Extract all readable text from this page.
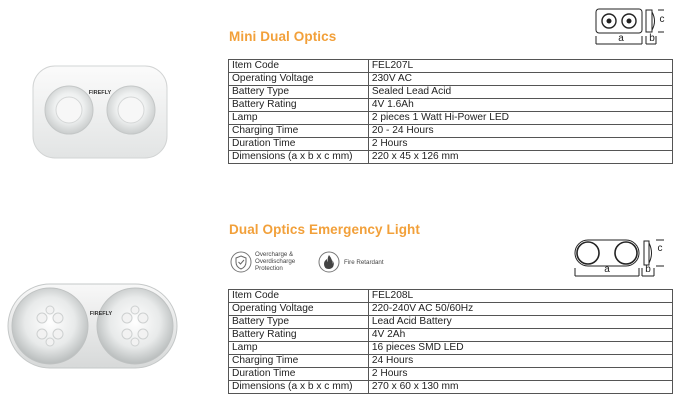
Mini Dual Optics
FIREFLY
Item Code	FEL207L
Operating Voltage	230V AC
Battery Type	Sealed Lead Acid
Battery Rating	4V 1.6Ah
Lamp	2 pieces 1 Watt Hi-Power LED
Charging Time	20 - 24 Hours
Duration Time	2 Hours
Dimensions (a x b x c mm)	220 x 45 x 126 mm
a	b
c
Dual Optics Emergency Light
Overcharge & Overdischarge Protection
Fire Retardant
FIREFLY
Item Code	FEL208L
Operating Voltage	220-240V AC 50/60Hz
Battery Type	Lead Acid Battery
Battery Rating	4V 2Ah
Lamp	16 pieces SMD LED
Charging Time	24 Hours
Duration Time	2 Hours
Dimensions (a x b x c mm)	270 x 60 x 130 mm
a	b
c
